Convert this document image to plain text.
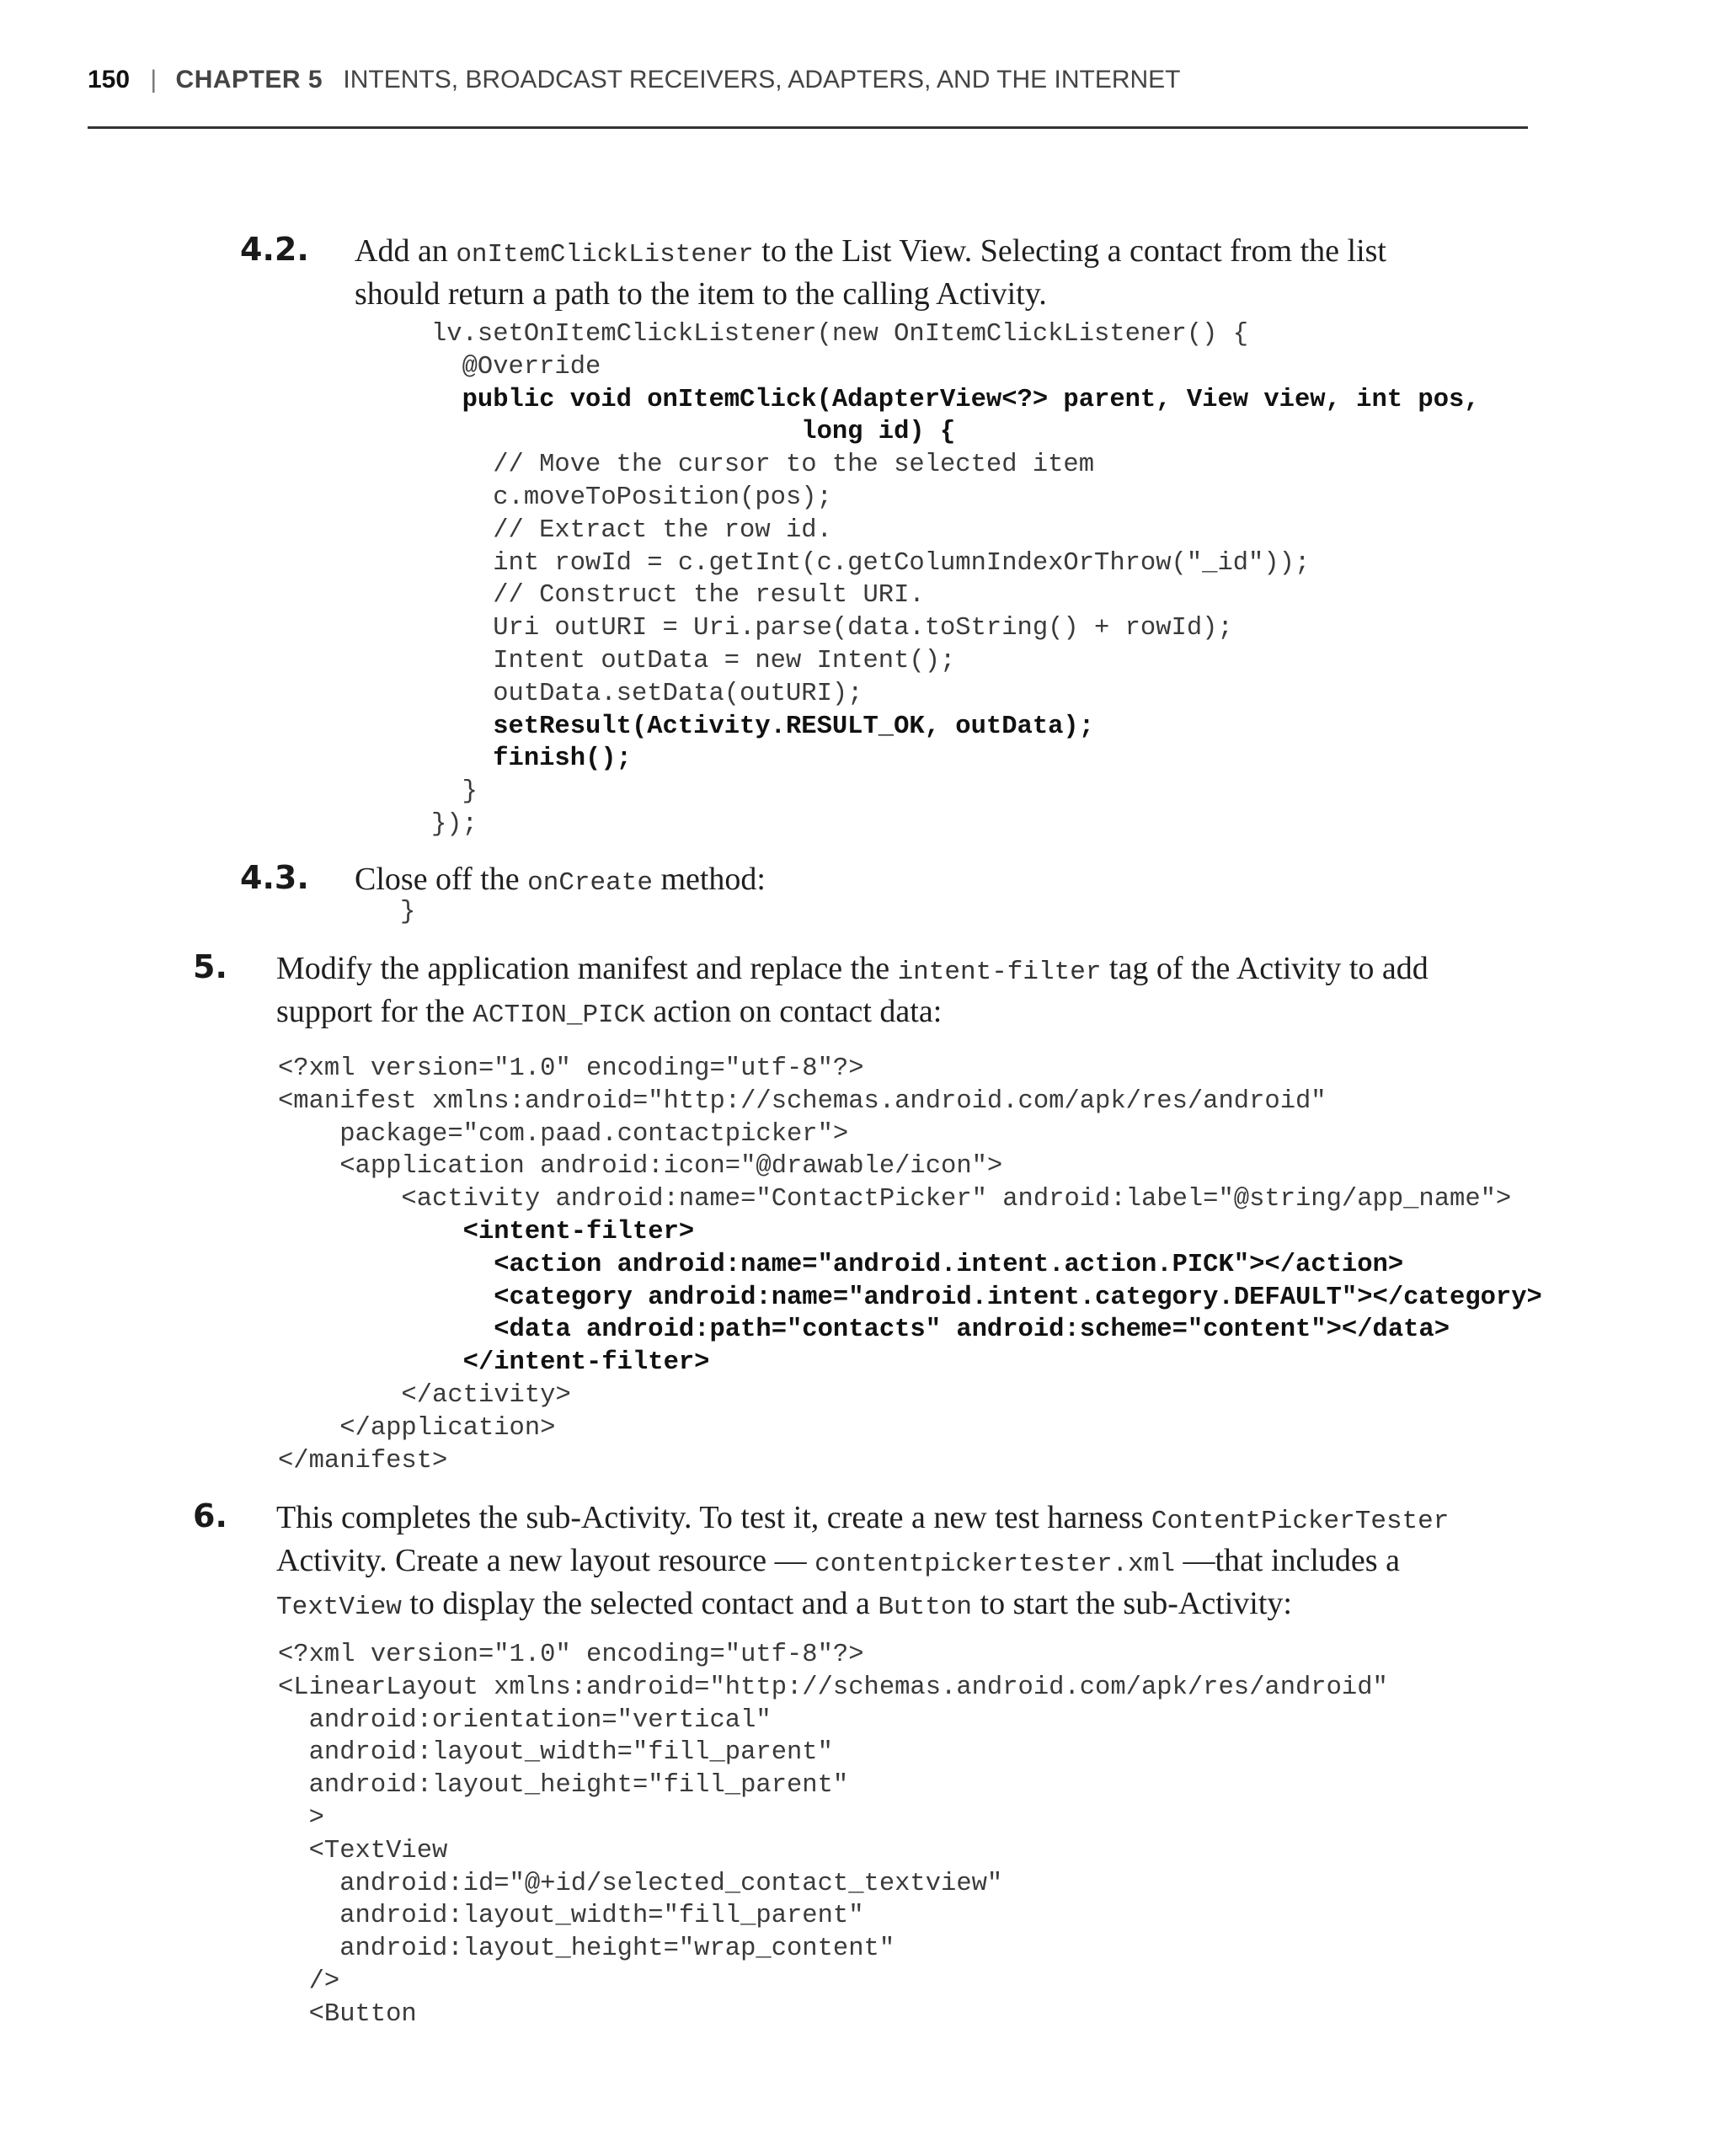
150 | CHAPTER 5 INTENTS, BROADCAST RECEIVERS, ADAPTERS, AND THE INTERNET
4.2. Add an onItemClickListener to the List View. Selecting a contact from the list should return a path to the item to the calling Activity.
lv.setOnItemClickListener(new OnItemClickListener() {
@Override
public void onItemClick(AdapterView<?> parent, View view, int pos,
long id) {
// Move the cursor to the selected item
c.moveToPosition(pos);
// Extract the row id.
int rowId = c.getInt(c.getColumnIndexOrThrow("_id"));
// Construct the result URI.
Uri outURI = Uri.parse(data.toString() + rowId);
Intent outData = new Intent();
outData.setData(outURI);
setResult(Activity.RESULT_OK, outData);
finish();
}
});
4.3. Close off the onCreate method:
}
5. Modify the application manifest and replace the intent-filter tag of the Activity to add support for the ACTION_PICK action on contact data:
<?xml version="1.0" encoding="utf-8"?>
<manifest xmlns:android="http://schemas.android.com/apk/res/android"
package="com.paad.contactpicker">
<application android:icon="@drawable/icon">
<activity android:name="ContactPicker" android:label="@string/app_name">
<intent-filter>
<action android:name="android.intent.action.PICK"></action>
<category android:name="android.intent.category.DEFAULT"></category>
<data android:path="contacts" android:scheme="content"></data>
</intent-filter>
</activity>
</application>
</manifest>
6. This completes the sub-Activity. To test it, create a new test harness ContentPickerTester Activity. Create a new layout resource — contentpickertester.xml —that includes a TextView to display the selected contact and a Button to start the sub-Activity:
<?xml version="1.0" encoding="utf-8"?>
<LinearLayout xmlns:android="http://schemas.android.com/apk/res/android"
android:orientation="vertical"
android:layout_width="fill_parent"
android:layout_height="fill_parent"
>
<TextView
android:id="@+id/selected_contact_textview"
android:layout_width="fill_parent"
android:layout_height="wrap_content"
/>
<Button
